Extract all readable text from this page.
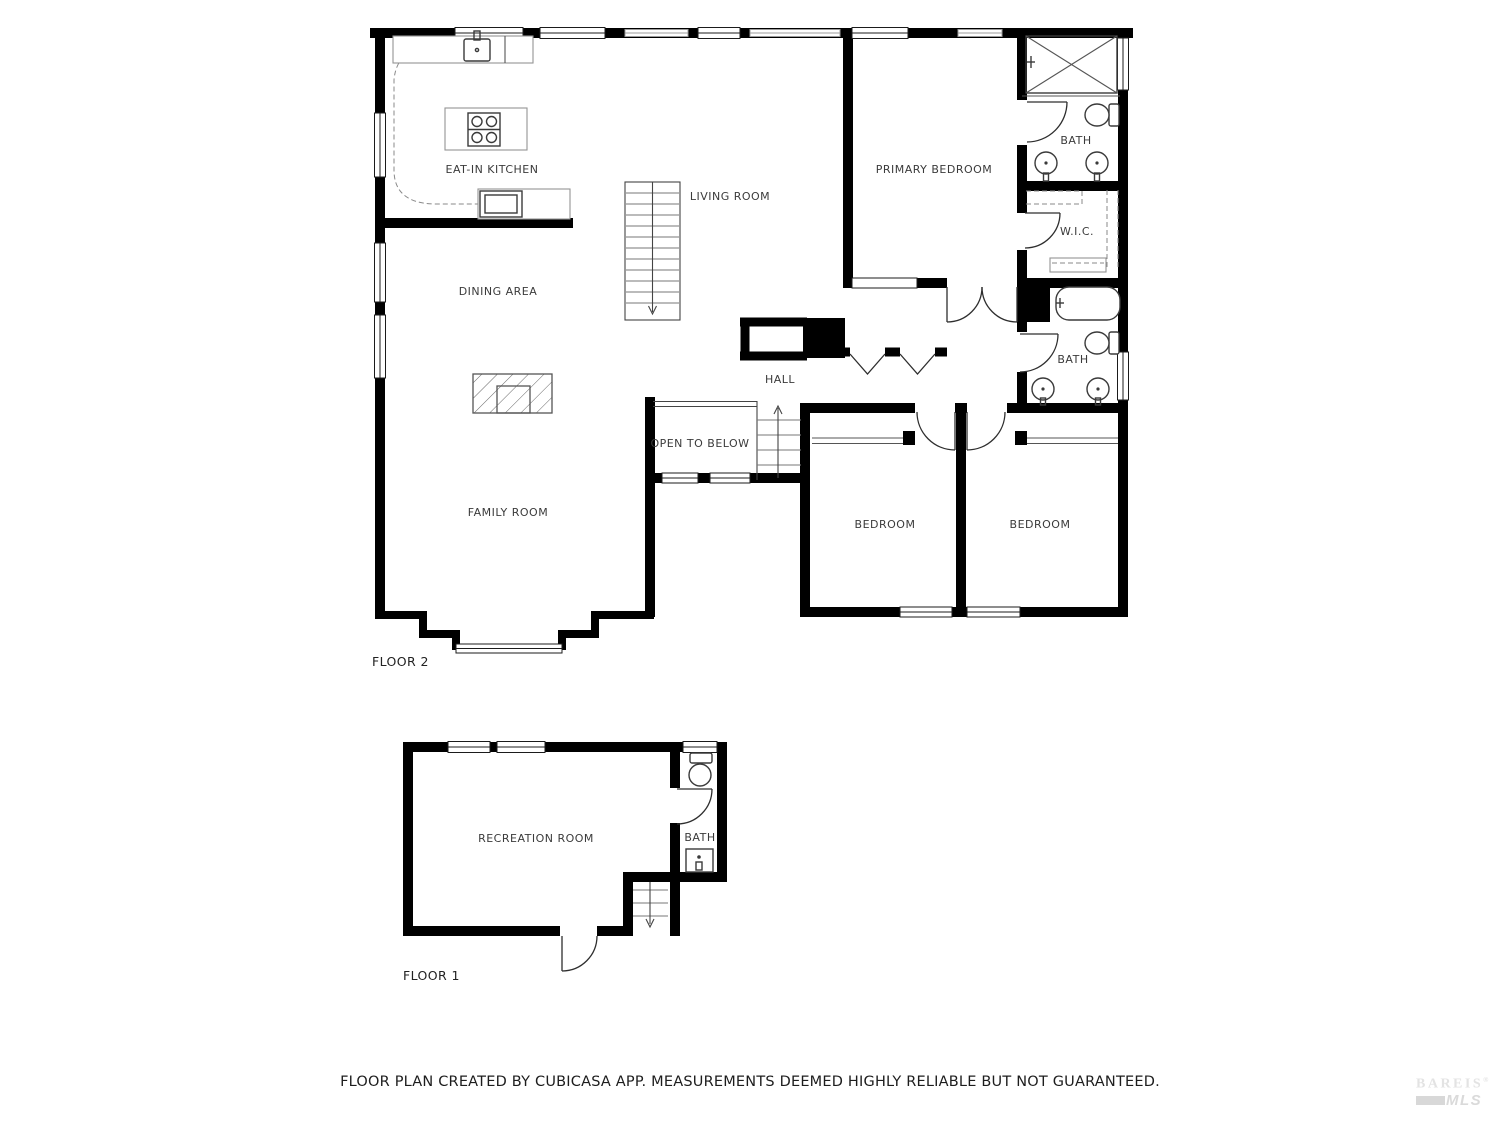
EAT-IN KITCHEN
LIVING ROOM
PRIMARY BEDROOM
BATH
W.I.C.
DINING AREA
HALL
OPEN TO BELOW
BATH
FAMILY ROOM
BEDROOM	BEDROOM
FLOOR 2
RECREATION ROOM	BATH
FLOOR 1
FLOOR PLAN CREATED BY CUBICASA APP. MEASUREMENTS DEEMED HIGHLY RELIABLE BUT NOT GUARANTEED.	BAREIS®
MLS
